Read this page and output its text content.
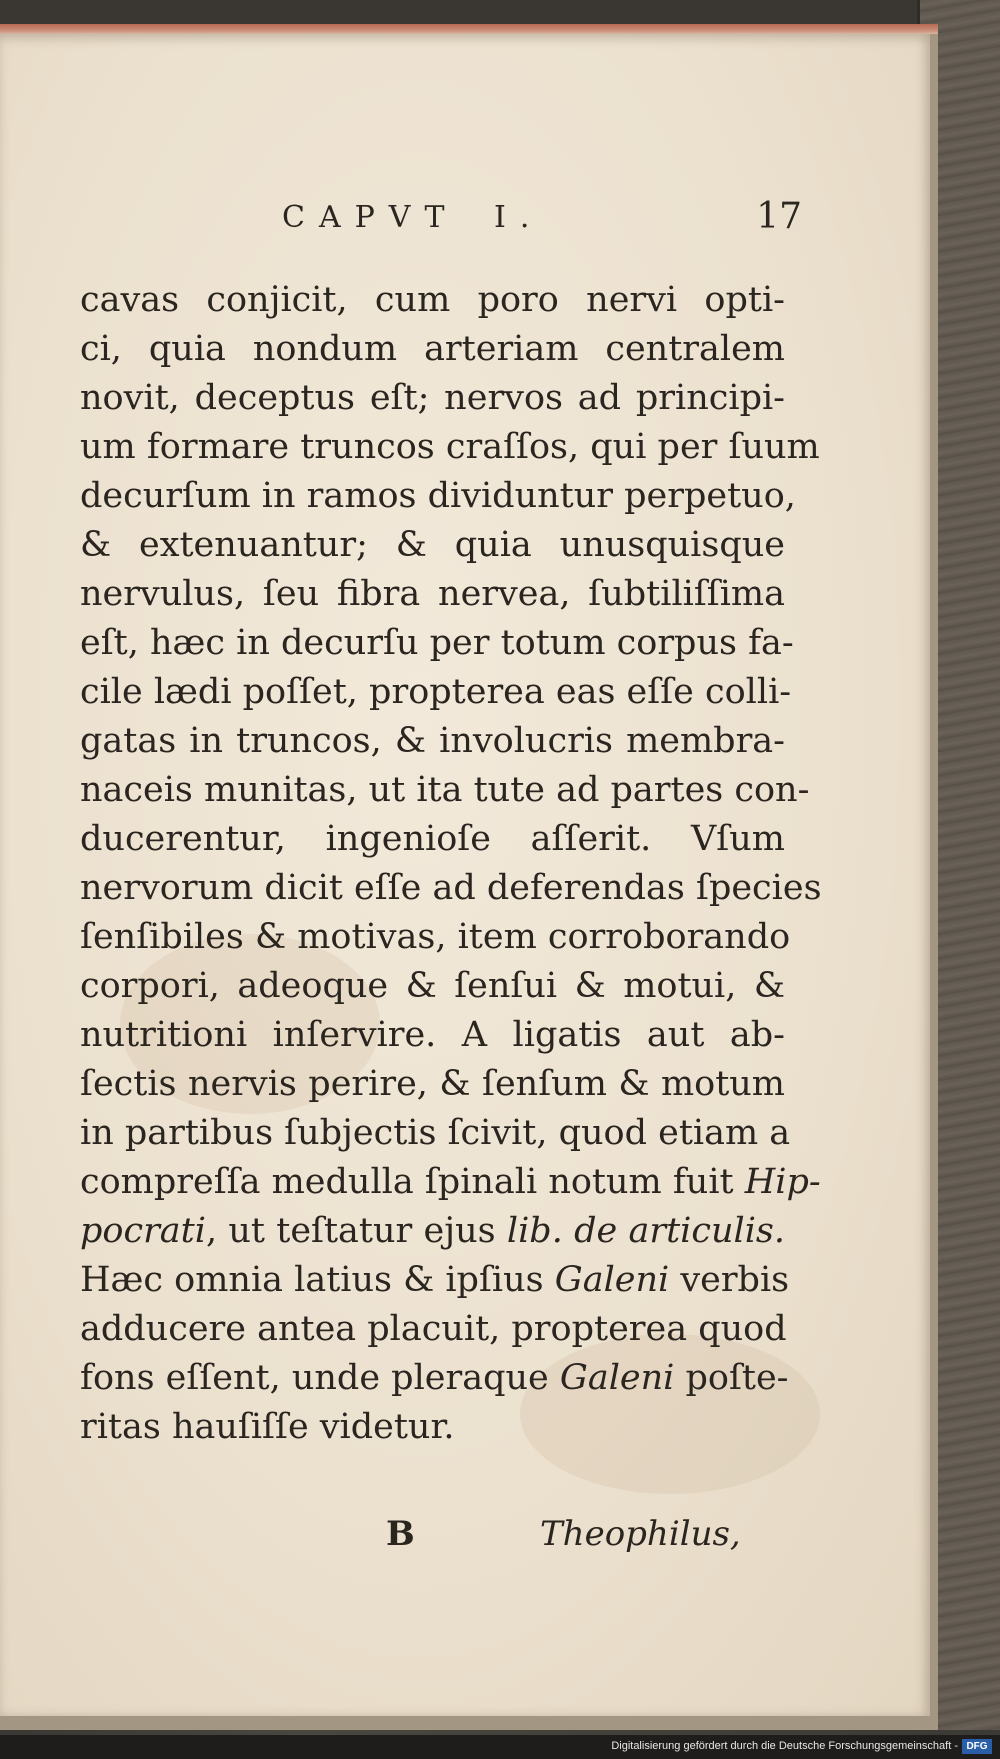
CAPVT I.	17
cavas conjicit, cum poro nervi opti-
ci, quia nondum arteriam centralem
novit, deceptus eſt; nervos ad principi-
um formare truncos craſſos, qui per ſuum
decurſum in ramos dividuntur perpetuo,
& extenuantur; & quia unusquisque
nervulus, ſeu fibra nervea, ſubtiliſſima
eſt, hæc in decurſu per totum corpus fa-
cile lædi poſſet, propterea eas eſſe colli-
gatas in truncos, & involucris membra-
naceis munitas, ut ita tute ad partes con-
ducerentur, ingenioſe aſſerit. Vſum
nervorum dicit eſſe ad deferendas ſpecies
ſenſibiles & motivas, item corroborando
corpori, adeoque & ſenſui & motui, &
nutritioni inſervire. A ligatis aut ab-
ſectis nervis perire, & ſenſum & motum
in partibus ſubjectis ſcivit, quod etiam a
compreſſa medulla ſpinali notum fuit Hip-
pocrati, ut teſtatur ejus lib. de articulis.
Hæc omnia latius & ipſius Galeni verbis
adducere antea placuit, propterea quod
fons eſſent, unde pleraque Galeni poſte-
ritas hauſiſſe videtur.
B	Theophilus,
Digitalisierung gefördert durch die Deutsche Forschungsgemeinschaft - DFG
